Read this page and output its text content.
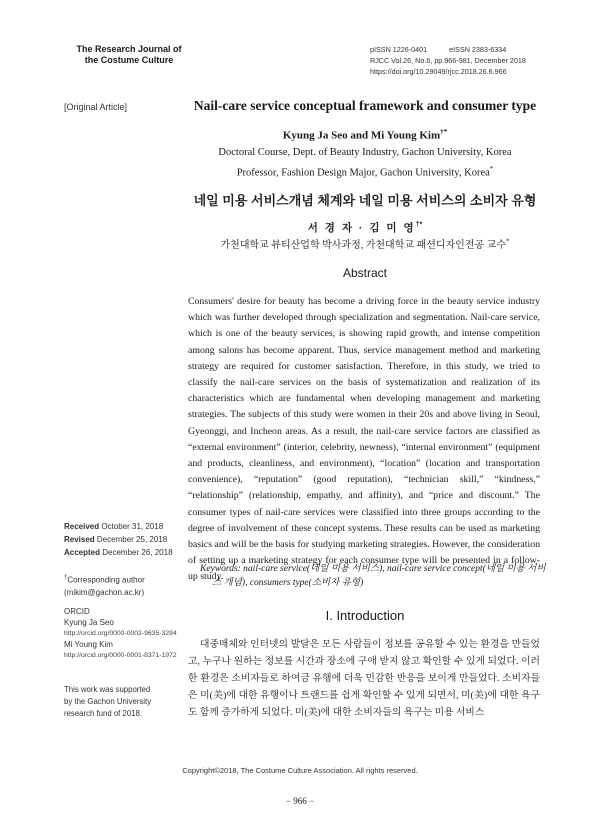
The Research Journal of
the Costume Culture
pISSN 1226-0401	eISSN 2383-6334
RJCC Vol.26, No.6, pp.966-981, December 2018
https://doi.org/10.29049/rjcc.2018.26.6.966
[Original Article]	Nail-care service conceptual framework and consumer type
Kyung Ja Seo and Mi Young Kim†*
Doctoral Course, Dept. of Beauty Industry, Gachon University, Korea
Professor, Fashion Design Major, Gachon University, Korea*
네일 미용 서비스개념 체계와 네일 미용 서비스의 소비자 유형
서 경 자 · 김 미 영†*
가천대학교 뷰티산업학 박사과정, 가천대학교 패션디자인전공 교수*
Abstract
Consumers' desire for beauty has become a driving force in the beauty service industry which was further developed through specialization and segmentation. Nail-care service, which is one of the beauty services, is showing rapid growth, and intense competition among salons has become apparent. Thus, service management method and marketing strategy are required for customer satisfaction. Therefore, in this study, we tried to classify the nail-care services on the basis of systematization and realization of its characteristics which are fundamental when developing management and marketing strategies. The subjects of this study were women in their 20s and above living in Seoul, Gyeonggi, and Incheon areas. As a result, the nail-care service factors are classified as “external environment” (interior, celebrity, newness), “internal environment” (equipment and products, cleanliness, and environment), “location” (location and transportation convenience), “reputation” (good reputation), “technician skill,” “kindness,” “relationship” (relationship, empathy, and affinity), and “price and discount.” The consumer types of nail-care services were classified into three groups according to the degree of involvement of these concept systems. These results can be used as marketing basics and will be the basis for studying marketing strategies. However, the consideration of setting up a marketing strategy for each consumer type will be presented in a follow-up study.
Keywords: nail-care service(네일 미용 서비스), nail-care service concept(네일 미용 서비스 개념), consumers type(소비자 유형)
Received October 31, 2018
Revised December 25, 2018
Accepted December 26, 2018
†Corresponding author
(mikim@gachon.ac.kr)
ORCID
Kyung Ja Seo
http://orcid.org/0000-0002-9635-3294
Mi Young Kim
http://orcid.org/0000-0001-8371-1972
This work was supported by the Gachon University research fund of 2018.
I. Introduction
대중매체와 인터넷의 발달은 모든 사람들이 정보를 공유할 수 있는 환경을 만들었고, 누구나 원하는 정보를 시간과 장소에 구애 받지 않고 확인할 수 있게 되었다. 이러한 환경은 소비자들로 하여금 유행에 더욱 민감한 반응을 보이게 만들었다. 소비자들은 미(美)에 대한 유행이나 트랜드를 쉽게 확인할 수 있게 되면서, 미(美)에 대한 욕구도 함께 증가하게 되었다. 미(美)에 대한 소비자들의 욕구는 미용 서비스
Copyright©2018, The Costume Culture Association. All rights reserved.
− 966 −
